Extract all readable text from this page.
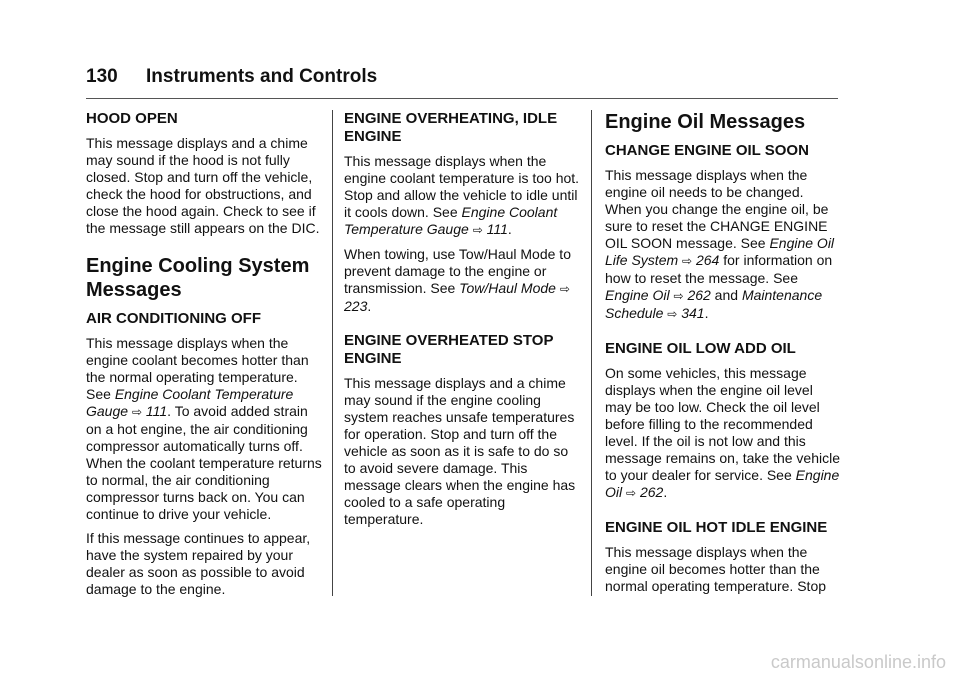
130 Instruments and Controls
HOOD OPEN
This message displays and a chime may sound if the hood is not fully closed. Stop and turn off the vehicle, check the hood for obstructions, and close the hood again. Check to see if the message still appears on the DIC.
Engine Cooling System Messages
AIR CONDITIONING OFF
This message displays when the engine coolant becomes hotter than the normal operating temperature. See Engine Coolant Temperature Gauge ⇨ 111. To avoid added strain on a hot engine, the air conditioning compressor automatically turns off. When the coolant temperature returns to normal, the air conditioning compressor turns back on. You can continue to drive your vehicle.
If this message continues to appear, have the system repaired by your dealer as soon as possible to avoid damage to the engine.
ENGINE OVERHEATING, IDLE ENGINE
This message displays when the engine coolant temperature is too hot. Stop and allow the vehicle to idle until it cools down. See Engine Coolant Temperature Gauge ⇨ 111.
When towing, use Tow/Haul Mode to prevent damage to the engine or transmission. See Tow/Haul Mode ⇨ 223.
ENGINE OVERHEATED STOP ENGINE
This message displays and a chime may sound if the engine cooling system reaches unsafe temperatures for operation. Stop and turn off the vehicle as soon as it is safe to do so to avoid severe damage. This message clears when the engine has cooled to a safe operating temperature.
Engine Oil Messages
CHANGE ENGINE OIL SOON
This message displays when the engine oil needs to be changed. When you change the engine oil, be sure to reset the CHANGE ENGINE OIL SOON message. See Engine Oil Life System ⇨ 264 for information on how to reset the message. See Engine Oil ⇨ 262 and Maintenance Schedule ⇨ 341.
ENGINE OIL LOW ADD OIL
On some vehicles, this message displays when the engine oil level may be too low. Check the oil level before filling to the recommended level. If the oil is not low and this message remains on, take the vehicle to your dealer for service. See Engine Oil ⇨ 262.
ENGINE OIL HOT IDLE ENGINE
This message displays when the engine oil becomes hotter than the normal operating temperature. Stop
carmanualsonline.info
